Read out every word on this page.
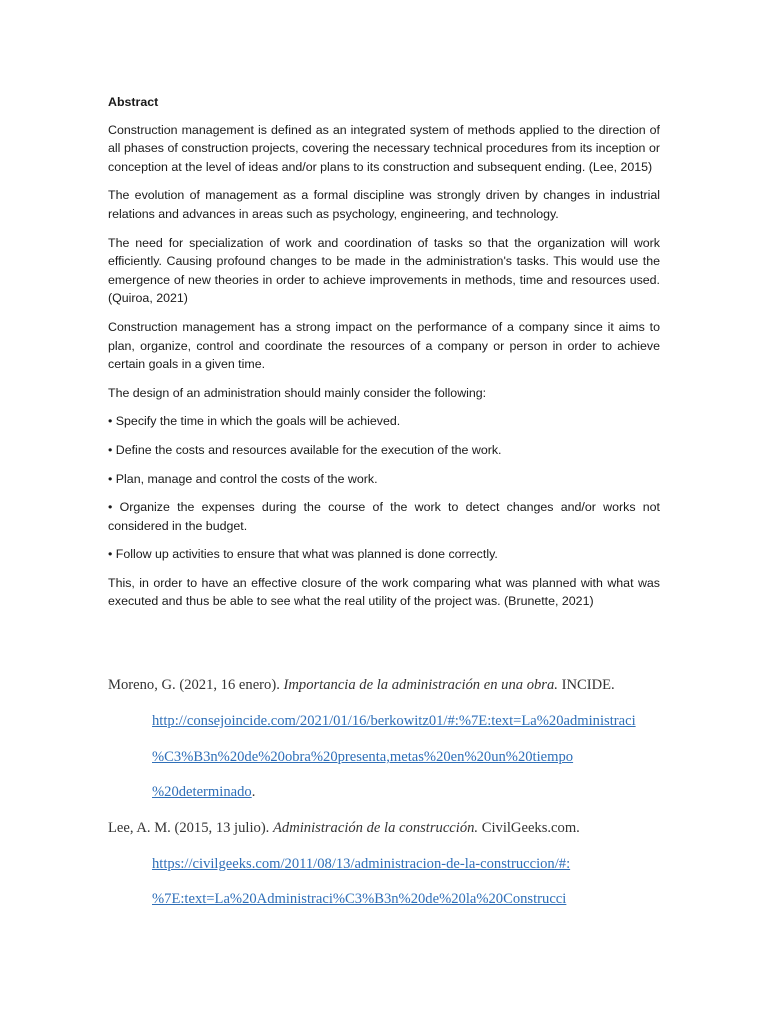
Abstract

Construction management is defined as an integrated system of methods applied to the direction of all phases of construction projects, covering the necessary technical procedures from its inception or conception at the level of ideas and/or plans to its construction and subsequent ending. (Lee, 2015)

The evolution of management as a formal discipline was strongly driven by changes in industrial relations and advances in areas such as psychology, engineering, and technology.

The need for specialization of work and coordination of tasks so that the organization will work efficiently. Causing profound changes to be made in the administration's tasks. This would use the emergence of new theories in order to achieve improvements in methods, time and resources used. (Quiroa, 2021)

Construction management has a strong impact on the performance of a company since it aims to plan, organize, control and coordinate the resources of a company or person in order to achieve certain goals in a given time.

The design of an administration should mainly consider the following:

• Specify the time in which the goals will be achieved.

• Define the costs and resources available for the execution of the work.

• Plan, manage and control the costs of the work.

• Organize the expenses during the course of the work to detect changes and/or works not considered in the budget.

• Follow up activities to ensure that what was planned is done correctly.

This, in order to have an effective closure of the work comparing what was planned with what was executed and thus be able to see what the real utility of the project was. (Brunette, 2021)

Moreno, G. (2021, 16 enero). Importancia de la administración en una obra. INCIDE.
http://consejoincide.com/2021/01/16/berkowitz01/#:%7E:text=La%20administraci
%C3%B3n%20de%20obra%20presenta,metas%20en%20un%20tiempo
%20determinado.
Lee, A. M. (2015, 13 julio). Administración de la construcción. CivilGeeks.com.
https://civilgeeks.com/2011/08/13/administracion-de-la-construccion/#:
%7E:text=La%20Administraci%C3%B3n%20de%20la%20Construcci
